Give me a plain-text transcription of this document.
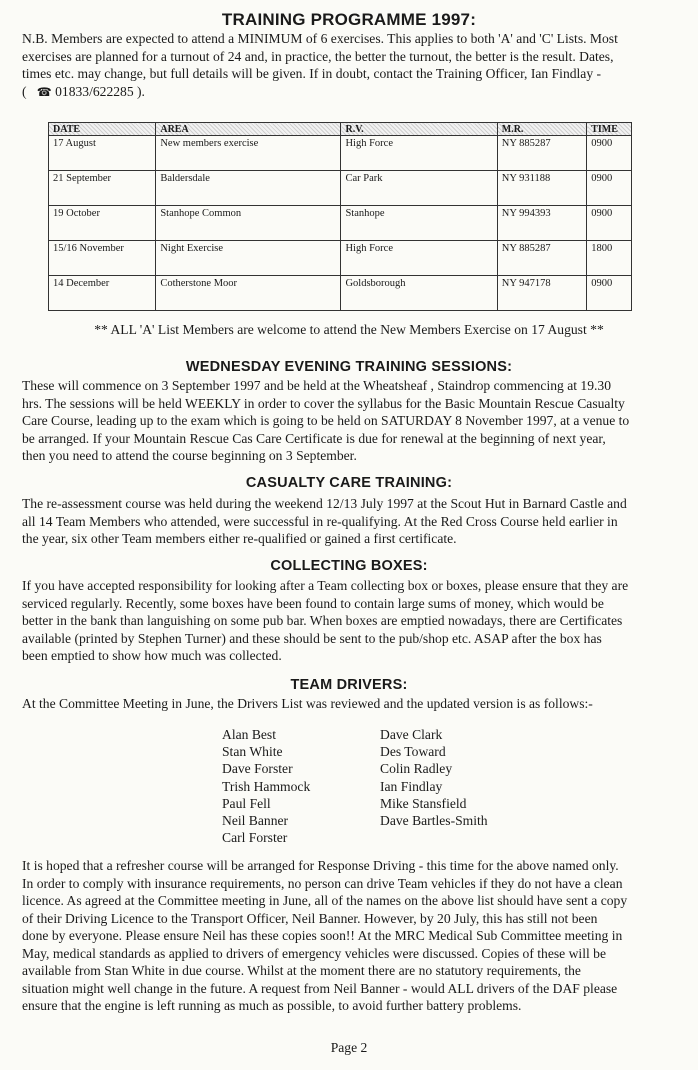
TRAINING PROGRAMME 1997:
N.B. Members are expected to attend a MINIMUM of 6 exercises. This applies to both 'A' and 'C' Lists. Most
exercises are planned for a turnout of 24 and, in practice, the better the turnout, the better is the result. Dates,
times etc. may change, but full details will be given. If in doubt, contact the Training Officer, Ian Findlay -
( ☎ 01833/622285 ).
DATE	AREA	R.V.	M.R.	TIME
17 August	New members exercise	High Force	NY 885287	0900
21 September	Baldersdale	Car Park	NY 931188	0900
19 October	Stanhope Common	Stanhope	NY 994393	0900
15/16 November	Night Exercise	High Force	NY 885287	1800
14 December	Cotherstone Moor	Goldsborough	NY 947178	0900
** ALL 'A' List Members are welcome to attend the New Members Exercise on 17 August **
WEDNESDAY EVENING TRAINING SESSIONS:
These will commence on 3 September 1997 and be held at the Wheatsheaf , Staindrop commencing at 19.30
hrs. The sessions will be held WEEKLY in order to cover the syllabus for the Basic Mountain Rescue Casualty
Care Course, leading up to the exam which is going to be held on SATURDAY 8 November 1997, at a venue to
be arranged. If your Mountain Rescue Cas Care Certificate is due for renewal at the beginning of next year,
then you need to attend the course beginning on 3 September.
CASUALTY CARE TRAINING:
The re-assessment course was held during the weekend 12/13 July 1997 at the Scout Hut in Barnard Castle and
all 14 Team Members who attended, were successful in re-qualifying. At the Red Cross Course held earlier in
the year, six other Team members either re-qualified or gained a first certificate.
COLLECTING BOXES:
If you have accepted responsibility for looking after a Team collecting box or boxes, please ensure that they are
serviced regularly. Recently, some boxes have been found to contain large sums of money, which would be
better in the bank than languishing on some pub bar. When boxes are emptied nowadays, there are Certificates
available (printed by Stephen Turner) and these should be sent to the pub/shop etc. ASAP after the box has
been emptied to show how much was collected.
TEAM DRIVERS:
At the Committee Meeting in June, the Drivers List was reviewed and the updated version is as follows:-
Alan Best
Stan White
Dave Forster
Trish Hammock
Paul Fell
Neil Banner
Carl Forster
Dave Clark
Des Toward
Colin Radley
Ian Findlay
Mike Stansfield
Dave Bartles-Smith
It is hoped that a refresher course will be arranged for Response Driving - this time for the above named only.
In order to comply with insurance requirements, no person can drive Team vehicles if they do not have a clean
licence. As agreed at the Committee meeting in June, all of the names on the above list should have sent a copy
of their Driving Licence to the Transport Officer, Neil Banner. However, by 20 July, this has still not been
done by everyone. Please ensure Neil has these copies soon!! At the MRC Medical Sub Committee meeting in
May, medical standards as applied to drivers of emergency vehicles were discussed. Copies of these will be
available from Stan White in due course. Whilst at the moment there are no statutory requirements, the
situation might well change in the future. A request from Neil Banner - would ALL drivers of the DAF please
ensure that the engine is left running as much as possible, to avoid further battery problems.
Page 2
